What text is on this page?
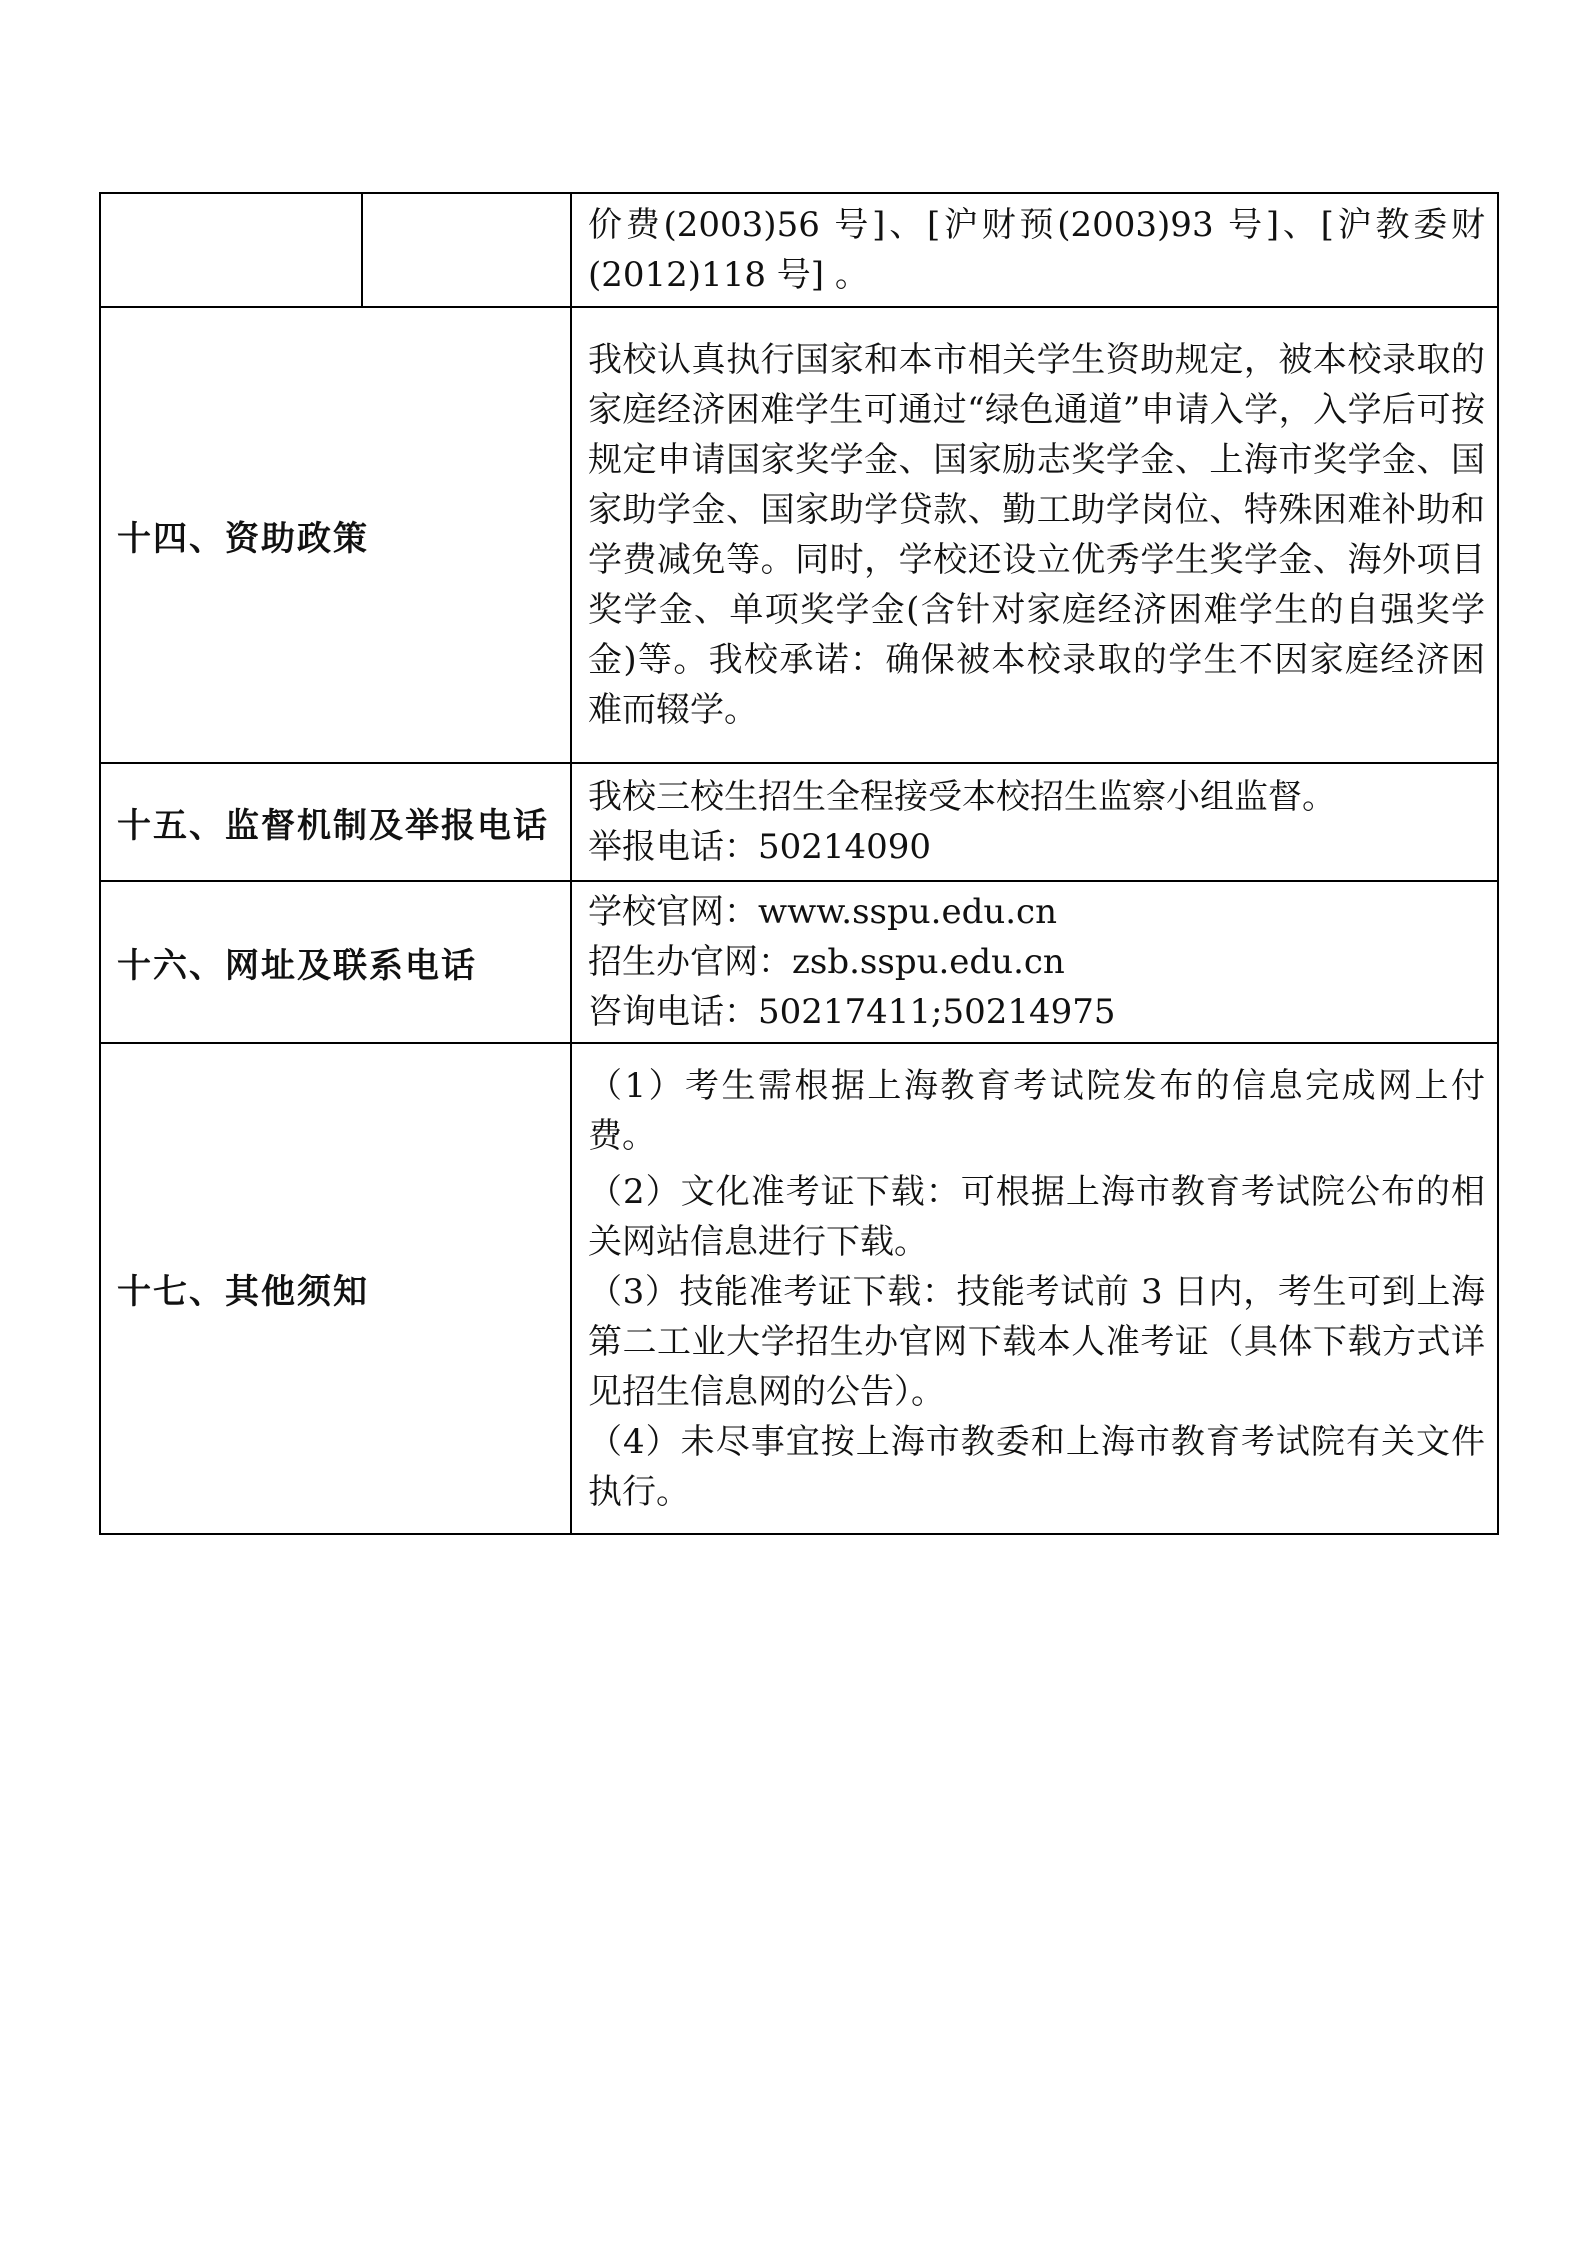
		价费(2003)56 号]、[沪财预(2003)93 号]、[沪教委财(2012)118 号] 。

十四、资助政策		我校认真执行国家和本市相关学生资助规定，被本校录取的家庭经济困难学生可通过“绿色通道”申请入学，入学后可按规定申请国家奖学金、国家励志奖学金、上海市奖学金、国家助学金、国家助学贷款、勤工助学岗位、特殊困难补助和学费减免等。同时，学校还设立优秀学生奖学金、海外项目奖学金、单项奖学金(含针对家庭经济困难学生的自强奖学金)等。我校承诺：确保被本校录取的学生不因家庭经济困难而辍学。

十五、监督机制及举报电话		我校三校生招生全程接受本校招生监察小组监督。

举报电话：50214090

十六、网址及联系电话		学校官网：www.sspu.edu.cn

招生办官网：zsb.sspu.edu.cn

咨询电话：50217411;50214975

十七、其他须知		（1）考生需根据上海教育考试院发布的信息完成网上付费。

（2）文化准考证下载：可根据上海市教育考试院公布的相关网站信息进行下载。

（3）技能准考证下载：技能考试前 3 日内，考生可到上海第二工业大学招生办官网下载本人准考证（具体下载方式详见招生信息网的公告）。

（4）未尽事宜按上海市教委和上海市教育考试院有关文件执行。
